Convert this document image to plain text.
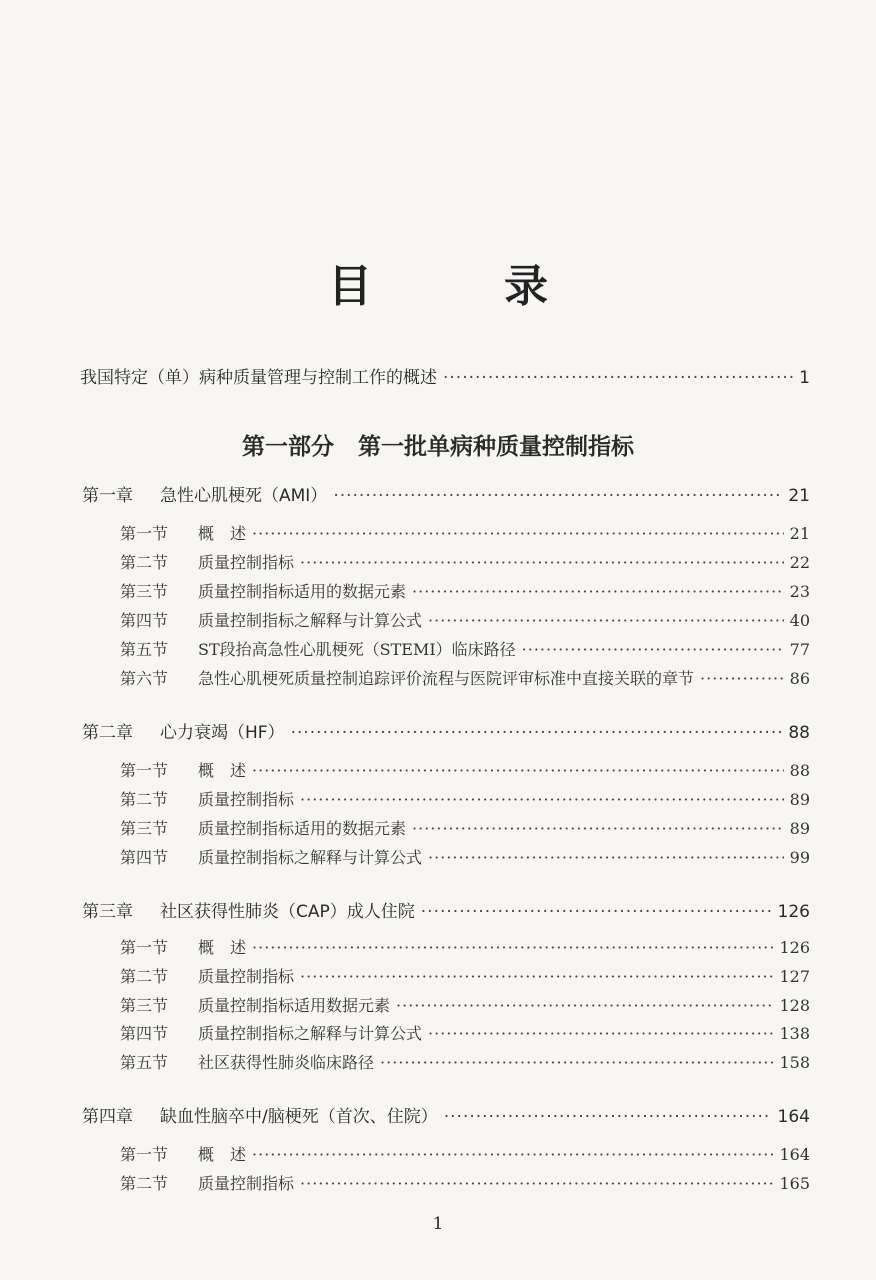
目　录
我国特定（单）病种质量管理与控制工作的概述 ·····	1
第一部分 第一批单病种质量控制指标
第一章 急性心肌梗死（AMI） ·····	21
第一节 概　述 ·····	21
第二节 质量控制指标 ·····	22
第三节 质量控制指标适用的数据元素 ·····	23
第四节 质量控制指标之解释与计算公式 ·····	40
第五节 ST段抬高急性心肌梗死（STEMI）临床路径 ·····	77
第六节 急性心肌梗死质量控制追踪评价流程与医院评审标准中直接关联的章节 ·····	86
第二章 心力衰竭（HF） ·····	88
第一节 概　述 ·····	88
第二节 质量控制指标 ·····	89
第三节 质量控制指标适用的数据元素 ·····	89
第四节 质量控制指标之解释与计算公式 ·····	99
第三章 社区获得性肺炎（CAP）成人住院 ·····	126
第一节 概　述 ·····	126
第二节 质量控制指标 ·····	127
第三节 质量控制指标适用数据元素 ·····	128
第四节 质量控制指标之解释与计算公式 ·····	138
第五节 社区获得性肺炎临床路径 ·····	158
第四章 缺血性脑卒中/脑梗死（首次、住院） ·····	164
第一节 概　述 ·····	164
第二节 质量控制指标 ·····	165
1
